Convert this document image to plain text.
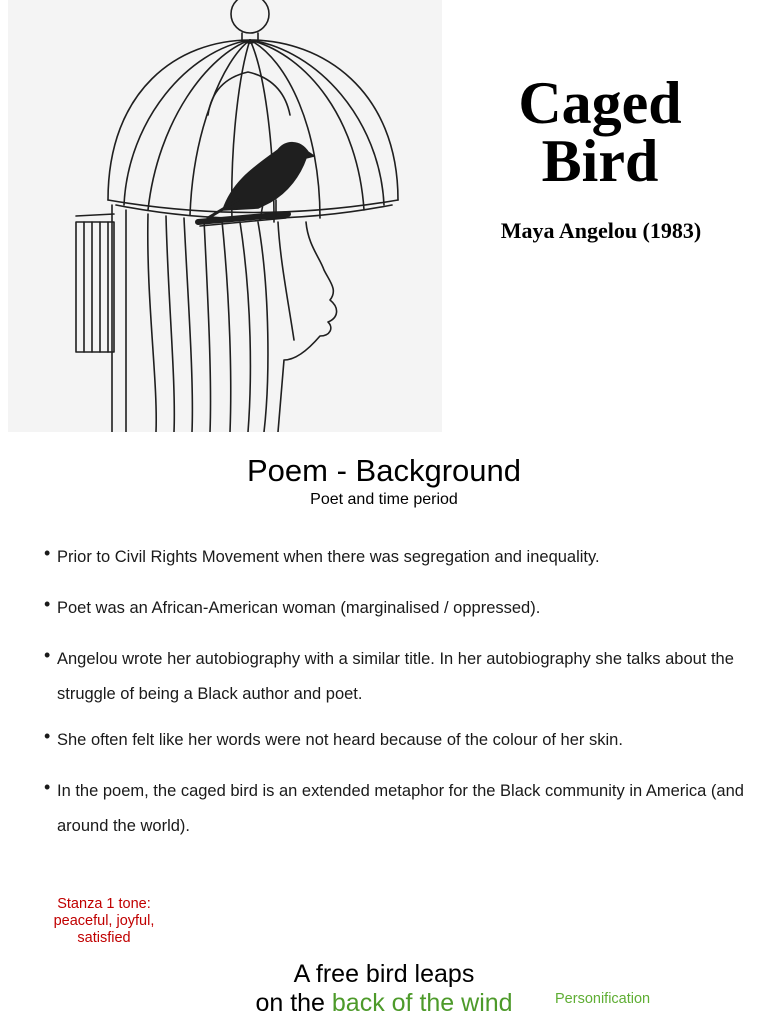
Caged
Bird
Maya Angelou (1983)
Poem - Background
Poet and time period
• Prior to Civil Rights Movement when there was segregation and inequality.
• Poet was an African-American woman (marginalised / oppressed).
• Angelou wrote her autobiography with a similar title. In her autobiography she talks about the struggle of being a Black author and poet.
• She often felt like her words were not heard because of the colour of her skin.
• In the poem, the caged bird is an extended metaphor for the Black community in America (and around the world).
Stanza 1 tone: peaceful, joyful, satisfied
A free bird leaps
on the back of the wind	Personification
